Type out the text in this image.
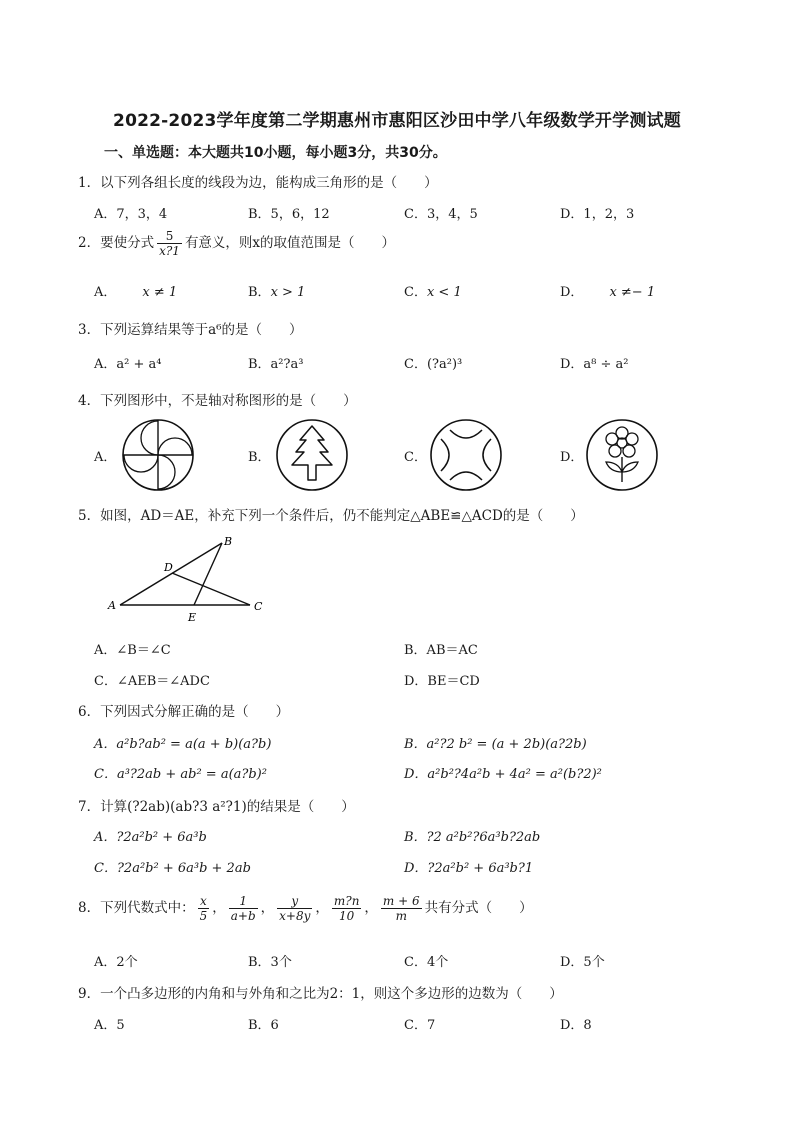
2022-2023学年度第二学期惠州市惠阳区沙田中学八年级数学开学测试题
一、单选题：本大题共10小题，每小题3分，共30分。
1．以下列各组长度的线段为边，能构成三角形的是（　　）
A．7，3，4	B．5，6，12	C．3，4，5	D．1，2，3
2．要使分式 $\frac{5}{x?1}$ 有意义，则x的取值范围是（　　）
A． x ≠ 1	B．x > 1	C．x < 1	D． x ≠− 1
3．下列运算结果等于a⁶的是（　　）
A．a² + a⁴	B．a²?a³	C．(?a²)³	D．a⁸ ÷ a²
4．下列图形中，不是轴对称图形的是（　　）
A．	B．	C．	D．
5．如图，AD＝AE，补充下列一个条件后，仍不能判定△ABE≌△ACD的是（　　）
A
B
C
D
E
A．∠B＝∠C	B．AB＝AC
C．∠AEB＝∠ADC	D．BE＝CD
6．下列因式分解正确的是（　　）
A．a²b?ab² = a(a + b)(a?b)	B．a²?2 b² = (a + 2b)(a?2b)
C．a³?2ab + ab² = a(a?b)²	D．a²b²?4a²b + 4a² = a²(b?2)²
7．计算(?2ab)(ab?3 a²?1)的结果是（　　）
A．?2a²b² + 6a³b	B．?2 a²b²?6a³b?2ab
C．?2a²b² + 6a³b + 2ab	D．?2a²b² + 6a³b?1
8．下列代数式中： $\frac{x}{5}$ ， $\frac{1}{a+b}$ ， $\frac{y}{x+8y}$ ， $\frac{m?n}{10}$ ， $\frac{m + 6}{m}$ 共有分式（　　）
A．2个	B．3个	C．4个	D．5个
9．一个凸多边形的内角和与外角和之比为2：1，则这个多边形的边数为（　　）
A．5	B．6	C．7	D．8
